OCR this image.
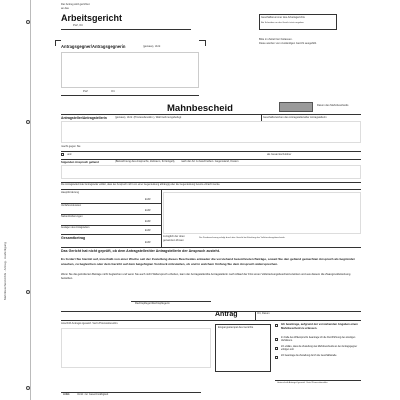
Mahnbescheid ArbG · Antrag · Ausfertigung
Der Antrag wird gerichtet
an das
Arbeitsgericht
PLZ, Ort
Geschäftsnummer des Arbeitsgerichts
Bei Schreiben an das Gericht stets angeben
Bitte im Zettel hier freilassen.
Diese werden vom zuständigen Gericht ausgefüllt.
Antragsgegner/Antragsgegnerin	(genaue), Vertr.
PLZ	Ort
Mahnbescheid	Datum des Mahnbescheids
Antragsteller/Antragstellerin	(genaue), Vertr. (Prozessbevollm.), Wahrnehmungsbefugt	Geschäftszeichen des Antragstellers/der Antragstellerin
macht gegen Sie
und	als Gesamtschuldner
folgenden Anspruch geltend	(Bezeichnung des Anspruchs, Zeitraum, für Entgelt), nach der Art zu beschreiben. Gegenstand, Kosten
Die Antragstellerin/der Antragsteller erklärt, dass der Anspruch nicht von einer Gegenleistung abhängig oder die Gegenleistung bereits erbracht wurde.
Hauptforderung
EUR
Verfahrenskosten
EUR
Nebenforderungen
EUR
Auslagen des Antragstellers
EUR
Gesamtbetrag
EUR
zuzüglich der oben
genannten Zinsen
Die Zinsberechnung erfolgt durch das Gericht bei Erteilung des Vollstreckungsbescheids.
Das Gericht hat nicht geprüft, ob dem Antragsteller/der Antragstellerin der Anspruch zusteht.
Es fordert Sie hiermit auf, innerhalb von einer Woche seit der Zustellung dieses Bescheides entweder die vorstehend bezeichneten Beträge, soweit Sie den geltend gemachten Anspruch als begründet ansehen, zu begleichen oder dem Gericht auf dem beigefügten Vordruck mitzuteilen, ob und in welchem Umfang Sie dem Anspruch widersprechen.
Wenn Sie die geforderten Beträge nicht begleichen und wenn Sie auch nicht Widerspruch erheben, kann der Antragsteller/die Antragstellerin nach Ablauf der Frist einen Vollstreckungsbescheid erwirken und aus diesem die Zwangsvollstreckung betreiben.
Rechtspfleger/Rechtspflegerin
Antrag	Ort, Datum
Anschrift Antragst./gesetzl. Vertr./Prozessbevollm.
Eingangsstempel des Gerichts
Ich beantrage, aufgrund der vorstehenden Angaben einen Mahnbescheid zu erlassen.
Im Falle des Widerspruchs beantrage ich die Durchführung des streitigen Verfahrens.
Ich erkläre, dass die Zustellung des Mahnbescheids an den Antragsgegner erfolgen soll.
Ich beantrage die Zustellung durch die Geschäftsstelle.
Unterschrift Antragst./gesetzl. Vertr./Prozessbevollm.
ArbG	Vordr. zur Gesetzmäßigkeit
